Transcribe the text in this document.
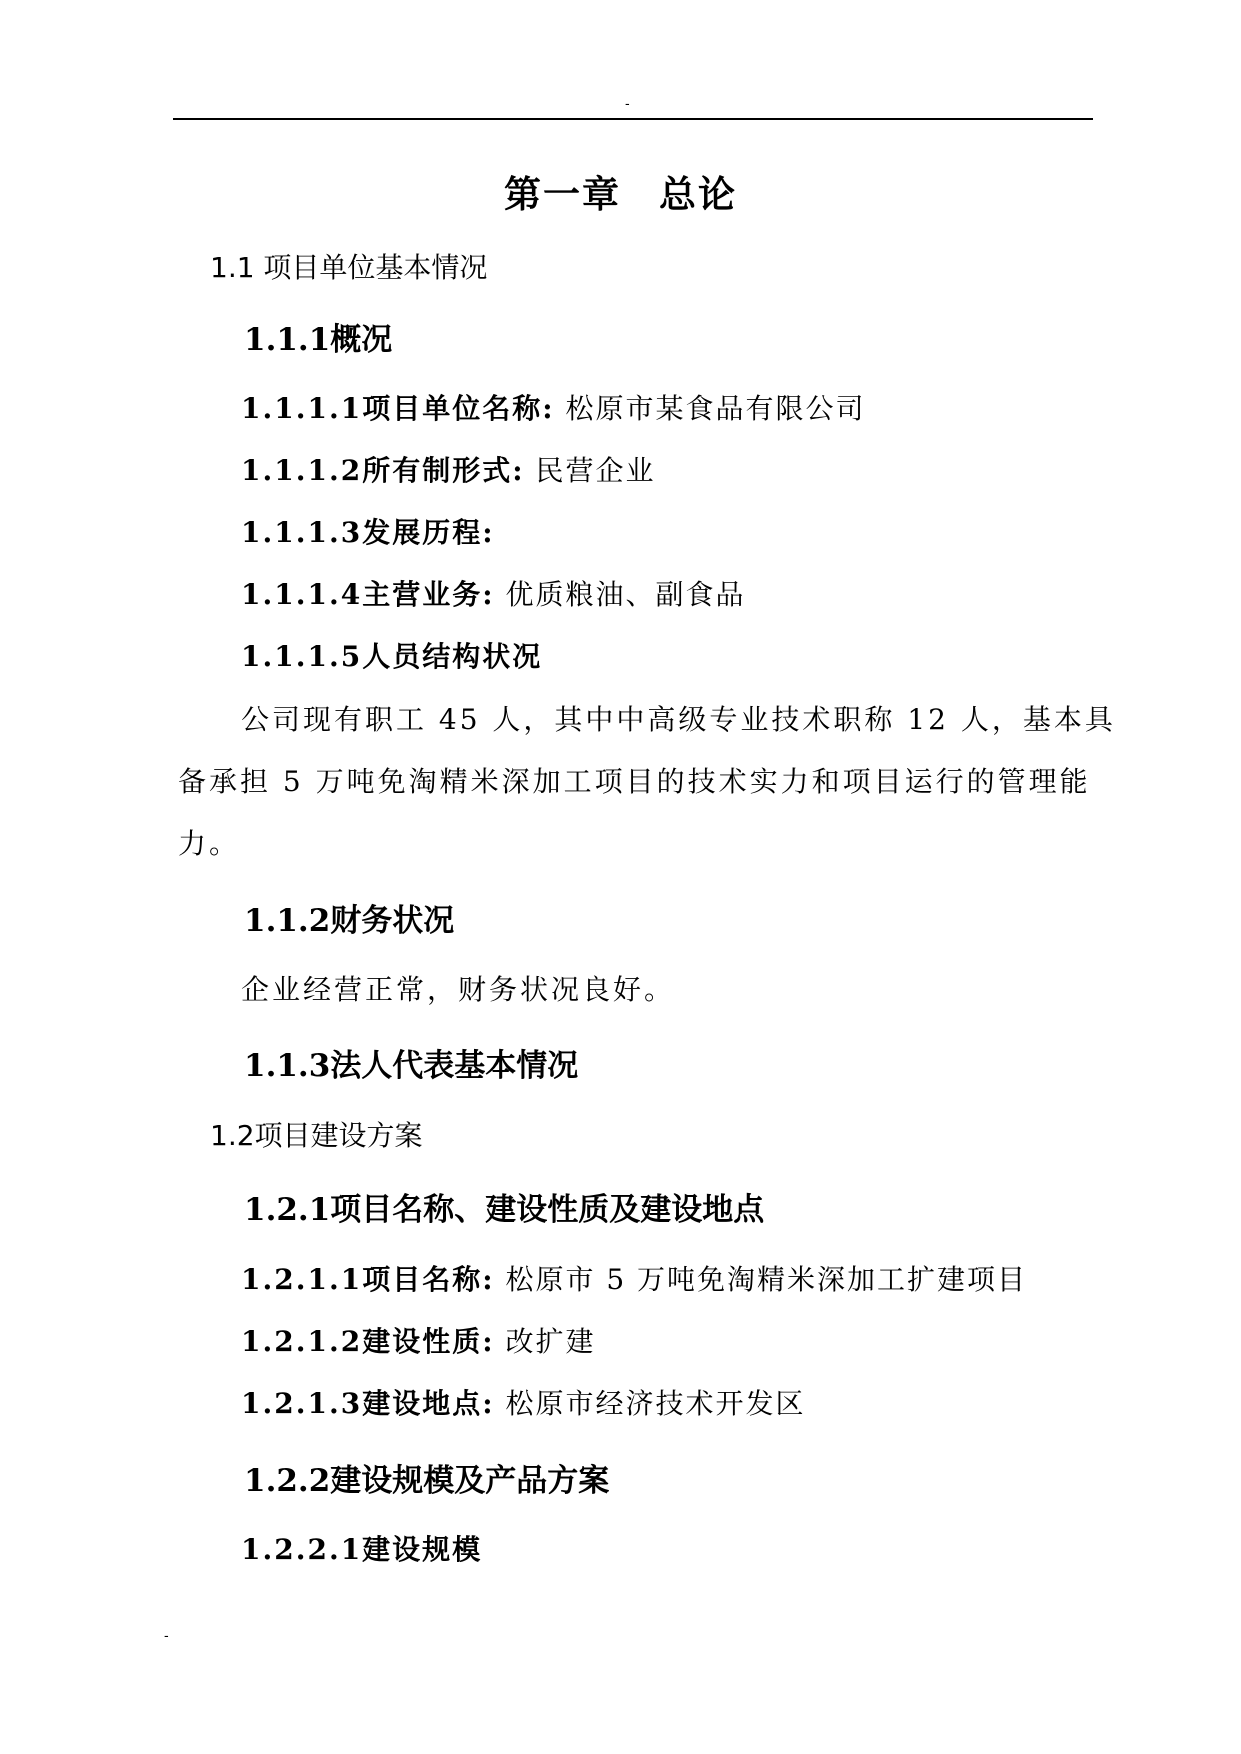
-
第一章 总论
1.1 项目单位基本情况
1.1.1概况
1.1.1.1项目单位名称: 松原市某食品有限公司
1.1.1.2所有制形式: 民营企业
1.1.1.3发展历程:
1.1.1.4主营业务: 优质粮油、副食品
1.1.1.5人员结构状况
公司现有职工 45 人，其中中高级专业技术职称 12 人，基本具
备承担 5 万吨免淘精米深加工项目的技术实力和项目运行的管理能
力。
1.1.2财务状况
企业经营正常，财务状况良好。
1.1.3法人代表基本情况
1.2项目建设方案
1.2.1项目名称、建设性质及建设地点
1.2.1.1项目名称: 松原市 5 万吨免淘精米深加工扩建项目
1.2.1.2建设性质: 改扩建
1.2.1.3建设地点: 松原市经济技术开发区
1.2.2建设规模及产品方案
1.2.2.1建设规模
-
